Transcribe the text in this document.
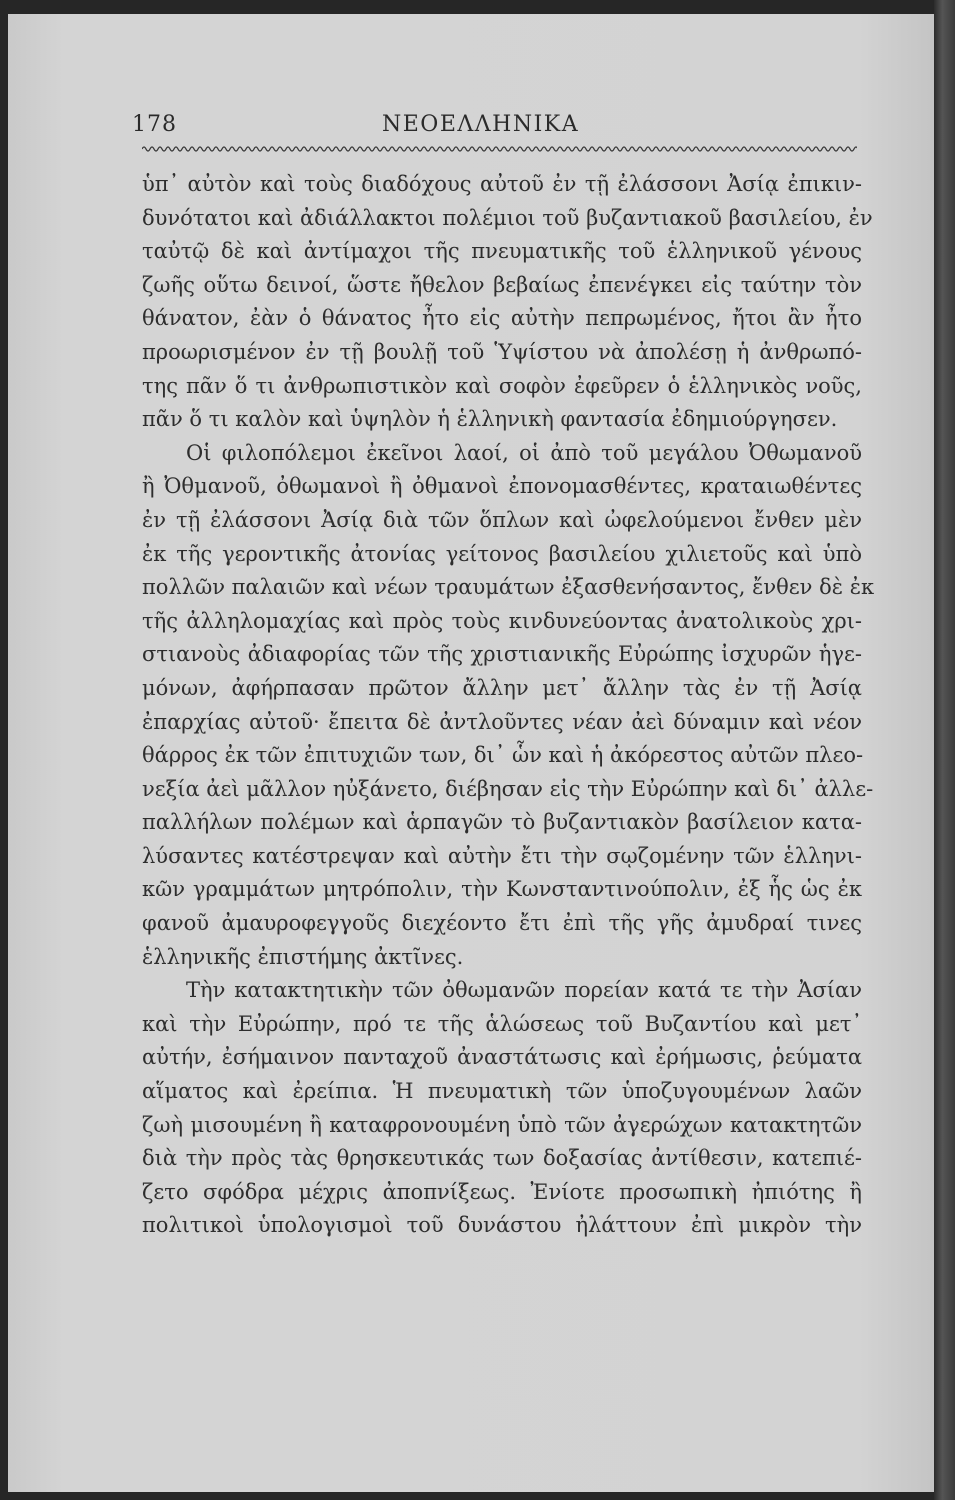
178	ΝΕΟΕΛΛΗΝΙΚΑ
ὑπ᾽ αὐτὸν καὶ τοὺς διαδόχους αὐτοῦ ἐν τῇ ἐλάσσονι Ἀσίᾳ ἐπικιν-
δυνότατοι καὶ ἀδιάλλακτοι πολέμιοι τοῦ βυζαντιακοῦ βασιλείου, ἐν
ταὐτῷ δὲ καὶ ἀντίμαχοι τῆς πνευματικῆς τοῦ ἑλληνικοῦ γένους
ζωῆς οὕτω δεινοί, ὥστε ἤθελον βεβαίως ἐπενέγκει εἰς ταύτην τὸν
θάνατον, ἐὰν ὁ θάνατος ἦτο εἰς αὐτὴν πεπρωμένος, ἤτοι ἂν ἦτο
προωρισμένον ἐν τῇ βουλῇ τοῦ Ὑψίστου νὰ ἀπολέσῃ ἡ ἀνθρωπό-
της πᾶν ὅ τι ἀνθρωπιστικὸν καὶ σοφὸν ἐφεῦρεν ὁ ἑλληνικὸς νοῦς,
πᾶν ὅ τι καλὸν καὶ ὑψηλὸν ἡ ἑλληνικὴ φαντασία ἐδημιούργησεν.
Οἱ φιλοπόλεμοι ἐκεῖνοι λαοί, οἱ ἀπὸ τοῦ μεγάλου Ὀθωμανοῦ
ἢ Ὀθμανοῦ, ὀθωμανοὶ ἢ ὀθμανοὶ ἐπονομασθέντες, κραταιωθέντες
ἐν τῇ ἐλάσσονι Ἀσίᾳ διὰ τῶν ὅπλων καὶ ὠφελούμενοι ἔνθεν μὲν
ἐκ τῆς γεροντικῆς ἀτονίας γείτονος βασιλείου χιλιετοῦς καὶ ὑπὸ
πολλῶν παλαιῶν καὶ νέων τραυμάτων ἐξασθενήσαντος, ἔνθεν δὲ ἐκ
τῆς ἀλληλομαχίας καὶ πρὸς τοὺς κινδυνεύοντας ἀνατολικοὺς χρι-
στιανοὺς ἀδιαφορίας τῶν τῆς χριστιανικῆς Εὐρώπης ἰσχυρῶν ἡγε-
μόνων, ἀφήρπασαν πρῶτον ἄλλην μετ᾽ ἄλλην τὰς ἐν τῇ Ἀσίᾳ
ἐπαρχίας αὐτοῦ· ἔπειτα δὲ ἀντλοῦντες νέαν ἀεὶ δύναμιν καὶ νέον
θάρρος ἐκ τῶν ἐπιτυχιῶν των, δι᾽ ὧν καὶ ἡ ἀκόρεστος αὐτῶν πλεο-
νεξία ἀεὶ μᾶλλον ηὐξάνετο, διέβησαν εἰς τὴν Εὐρώπην καὶ δι᾽ ἀλλε-
παλλήλων πολέμων καὶ ἁρπαγῶν τὸ βυζαντιακὸν βασίλειον κατα-
λύσαντες κατέστρεψαν καὶ αὐτὴν ἔτι τὴν σῳζομένην τῶν ἑλληνι-
κῶν γραμμάτων μητρόπολιν, τὴν Κωνσταντινούπολιν, ἐξ ἧς ὡς ἐκ
φανοῦ ἀμαυροφεγγοῦς διεχέοντο ἔτι ἐπὶ τῆς γῆς ἀμυδραί τινες
ἑλληνικῆς ἐπιστήμης ἀκτῖνες.
Τὴν κατακτητικὴν τῶν ὀθωμανῶν πορείαν κατά τε τὴν Ἀσίαν
καὶ τὴν Εὐρώπην, πρό τε τῆς ἁλώσεως τοῦ Βυζαντίου καὶ μετ᾽
αὐτήν, ἐσήμαινον πανταχοῦ ἀναστάτωσις καὶ ἐρήμωσις, ῥεύματα
αἵματος καὶ ἐρείπια. Ἡ πνευματικὴ τῶν ὑποζυγουμένων λαῶν
ζωὴ μισουμένη ἢ καταφρονουμένη ὑπὸ τῶν ἀγερώχων κατακτητῶν
διὰ τὴν πρὸς τὰς θρησκευτικάς των δοξασίας ἀντίθεσιν, κατεπιέ-
ζετο σφόδρα μέχρις ἀποπνίξεως. Ἐνίοτε προσωπικὴ ἠπιότης ἢ
πολιτικοὶ ὑπολογισμοὶ τοῦ δυνάστου ἠλάττουν ἐπὶ μικρὸν τὴν
